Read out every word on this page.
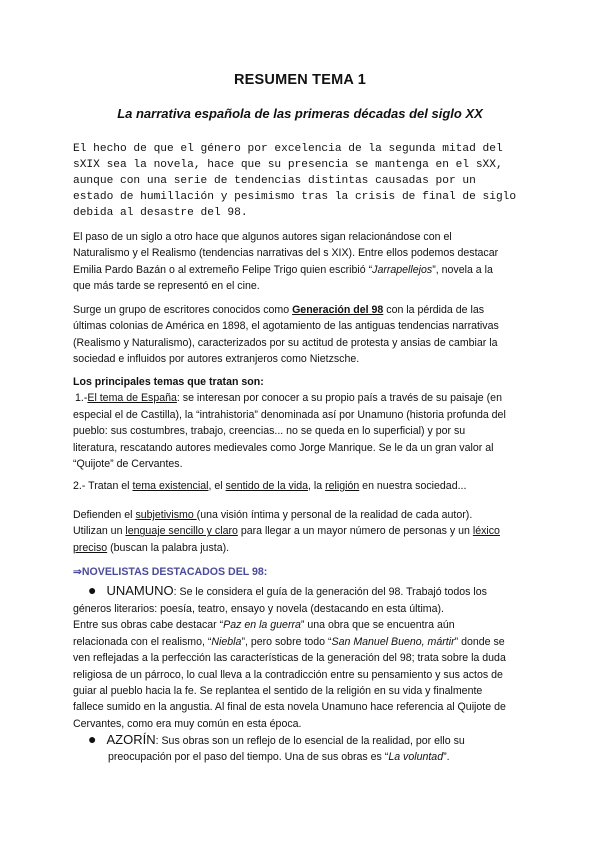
RESUMEN TEMA 1
La narrativa española de las primeras décadas del siglo XX
El hecho de que el género por excelencia de la segunda mitad del
sXIX sea la novela, hace que su presencia se mantenga en el sXX,
aunque con una serie de tendencias distintas causadas por un
estado de humillación y pesimismo tras la crisis de final de siglo
debida al desastre del 98.
El paso de un siglo a otro hace que algunos autores sigan relacionándose con el
Naturalismo y el Realismo (tendencias narrativas del s XIX). Entre ellos podemos destacar
Emilia Pardo Bazán o al extremeño Felipe Trigo quien escribió “Jarrapellejos”, novela a la
que más tarde se representó en el cine.
Surge un grupo de escritores conocidos como Generación del 98 con la pérdida de las
últimas colonias de América en 1898, el agotamiento de las antiguas tendencias narrativas
(Realismo y Naturalismo), caracterizados por su actitud de protesta y ansias de cambiar la
sociedad e influidos por autores extranjeros como Nietzsche.
Los principales temas que tratan son:
1.-El tema de España: se interesan por conocer a su propio país a través de su paisaje (en
especial el de Castilla), la “intrahistoria” denominada así por Unamuno (historia profunda del
pueblo: sus costumbres, trabajo, creencias... no se queda en lo superficial) y por su
literatura, rescatando autores medievales como Jorge Manrique. Se le da un gran valor al
“Quijote” de Cervantes.
2.- Tratan el tema existencial, el sentido de la vida, la religión en nuestra sociedad...
Defienden el subjetivismo (una visión íntima y personal de la realidad de cada autor).
Utilizan un lenguaje sencillo y claro para llegar a un mayor número de personas y un léxico
preciso (buscan la palabra justa).
⇒NOVELISTAS DESTACADOS DEL 98:
● UNAMUNO: Se le considera el guía de la generación del 98. Trabajó todos los
géneros literarios: poesía, teatro, ensayo y novela (destacando en esta última).
Entre sus obras cabe destacar “Paz en la guerra” una obra que se encuentra aún
relacionada con el realismo, “Niebla”, pero sobre todo “San Manuel Bueno, mártir” donde se
ven reflejadas a la perfección las características de la generación del 98; trata sobre la duda
religiosa de un párroco, lo cual lleva a la contradicción entre su pensamiento y sus actos de
guiar al pueblo hacia la fe. Se replantea el sentido de la religión en su vida y finalmente
fallece sumido en la angustia. Al final de esta novela Unamuno hace referencia al Quijote de
Cervantes, como era muy común en esta época.
● AZORÍN: Sus obras son un reflejo de lo esencial de la realidad, por ello su
preocupación por el paso del tiempo. Una de sus obras es “La voluntad”.
